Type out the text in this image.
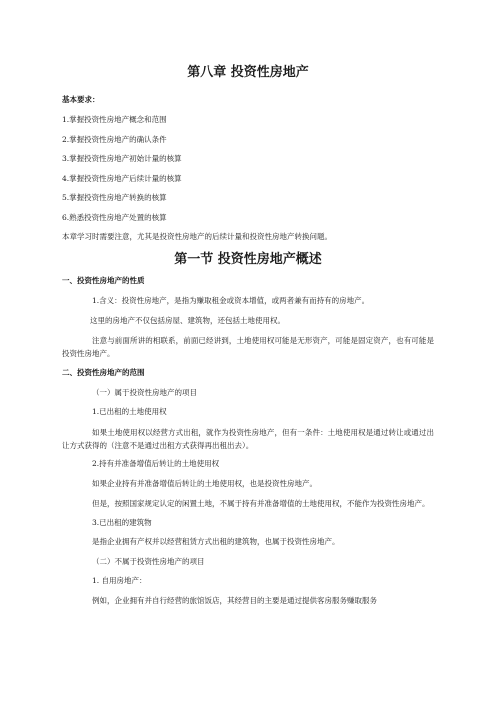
第八章 投资性房地产
基本要求：
1.掌握投资性房地产概念和范围
2.掌握投资性房地产的确认条件
3.掌握投资性房地产初始计量的核算
4.掌握投资性房地产后续计量的核算
5.掌握投资性房地产转换的核算
6.熟悉投资性房地产处置的核算
本章学习时需要注意，尤其是投资性房地产的后续计量和投资性房地产转换问题。
第一节 投资性房地产概述
一、投资性房地产的性质
1.含义：投资性房地产，是指为赚取租金或资本增值，或两者兼有而持有的房地产。
这里的房地产不仅包括房屋、建筑物，还包括土地使用权。
注意与前面所讲的相联系，前面已经讲到，土地使用权可能是无形资产，可能是固定资产，也有可能是投资性房地产。
二、投资性房地产的范围
（一）属于投资性房地产的项目
1.已出租的土地使用权
如果土地使用权以经营方式出租，就作为投资性房地产，但有一条件：土地使用权是通过转让或通过出让方式获得的（注意不是通过出租方式获得再出租出去）。
2.持有并准备增值后转让的土地使用权
如果企业持有并准备增值后转让的土地使用权，也是投资性房地产。
但是，按照国家规定认定的闲置土地，不属于持有并准备增值的土地使用权，不能作为投资性房地产。
3.已出租的建筑物
是指企业拥有产权并以经营租赁方式出租的建筑物，也属于投资性房地产。
（二）不属于投资性房地产的项目
1. 自用房地产：
例如，企业拥有并自行经营的旅馆饭店，其经营目的主要是通过提供客房服务赚取服务
